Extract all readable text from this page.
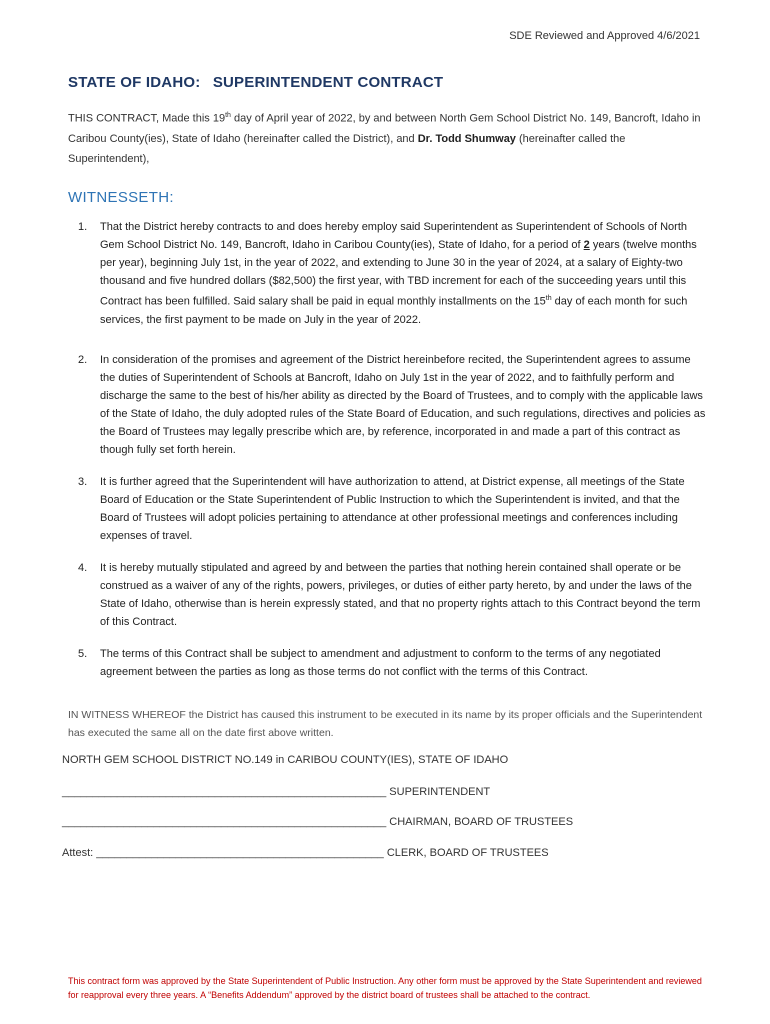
SDE Reviewed and Approved 4/6/2021
STATE OF IDAHO: SUPERINTENDENT CONTRACT
THIS CONTRACT, Made this 19th day of April year of 2022, by and between North Gem School District No. 149, Bancroft, Idaho in Caribou County(ies), State of Idaho (hereinafter called the District), and Dr. Todd Shumway (hereinafter called the Superintendent),
WITNESSETH:
1. That the District hereby contracts to and does hereby employ said Superintendent as Superintendent of Schools of North Gem School District No. 149, Bancroft, Idaho in Caribou County(ies), State of Idaho, for a period of 2 years (twelve months per year), beginning July 1st, in the year of 2022, and extending to June 30 in the year of 2024, at a salary of Eighty-two thousand and five hundred dollars ($82,500) the first year, with TBD increment for each of the succeeding years until this Contract has been fulfilled. Said salary shall be paid in equal monthly installments on the 15th day of each month for such services, the first payment to be made on July in the year of 2022.
2. In consideration of the promises and agreement of the District hereinbefore recited, the Superintendent agrees to assume the duties of Superintendent of Schools at Bancroft, Idaho on July 1st in the year of 2022, and to faithfully perform and discharge the same to the best of his/her ability as directed by the Board of Trustees, and to comply with the applicable laws of the State of Idaho, the duly adopted rules of the State Board of Education, and such regulations, directives and policies as the Board of Trustees may legally prescribe which are, by reference, incorporated in and made a part of this contract as though fully set forth herein.
3. It is further agreed that the Superintendent will have authorization to attend, at District expense, all meetings of the State Board of Education or the State Superintendent of Public Instruction to which the Superintendent is invited, and that the Board of Trustees will adopt policies pertaining to attendance at other professional meetings and conferences including expenses of travel.
4. It is hereby mutually stipulated and agreed by and between the parties that nothing herein contained shall operate or be construed as a waiver of any of the rights, powers, privileges, or duties of either party hereto, by and under the laws of the State of Idaho, otherwise than is herein expressly stated, and that no property rights attach to this Contract beyond the term of this Contract.
5. The terms of this Contract shall be subject to amendment and adjustment to conform to the terms of any negotiated agreement between the parties as long as those terms do not conflict with the terms of this Contract.
IN WITNESS WHEREOF the District has caused this instrument to be executed in its name by its proper officials and the Superintendent has executed the same all on the date first above written.
NORTH GEM SCHOOL DISTRICT NO.149 in CARIBOU COUNTY(IES), STATE OF IDAHO
_____________________________________________________ SUPERINTENDENT
_____________________________________________________ CHAIRMAN, BOARD OF TRUSTEES
Attest: _______________________________________________ CLERK, BOARD OF TRUSTEES
This contract form was approved by the State Superintendent of Public Instruction. Any other form must be approved by the State Superintendent and reviewed for reapproval every three years. A “Benefits Addendum” approved by the district board of trustees shall be attached to the contract.
